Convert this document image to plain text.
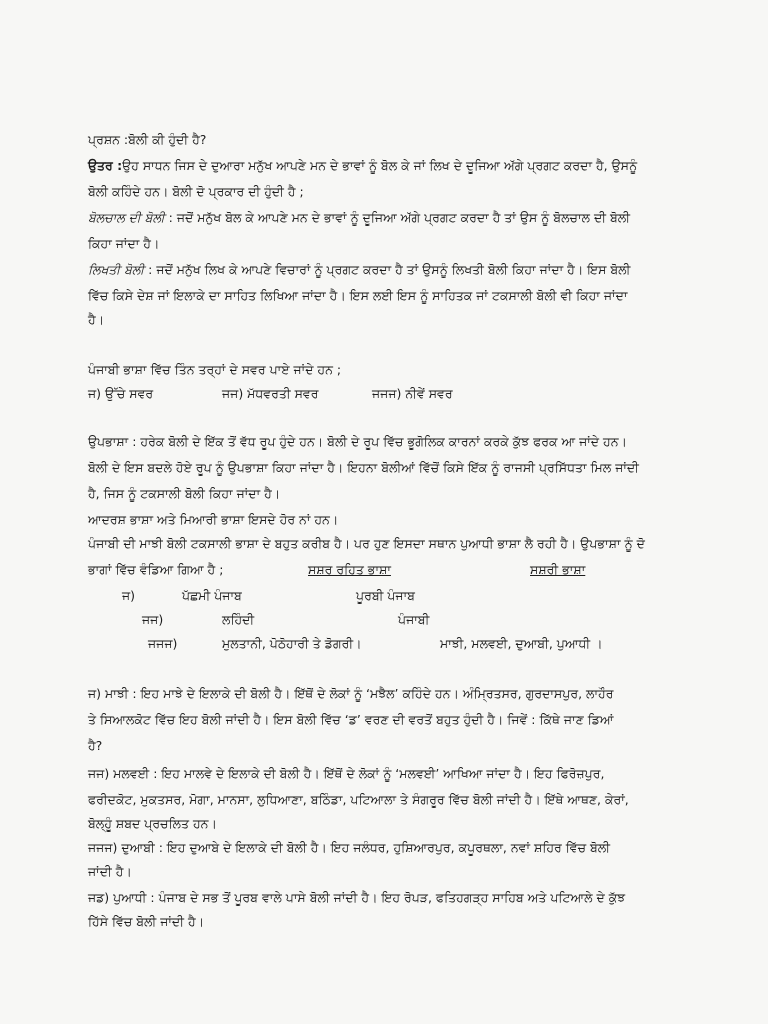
ਪ੍ਰਸ਼ਨ :ਬੋਲੀ ਕੀ ਹੁੰਦੀ ਹੈ?
ਉਤਰ :ਉਹ ਸਾਧਨ ਜਿਸ ਦੇ ਦੁਆਰਾ ਮਨੁੱਖ ਆਪਣੇ ਮਨ ਦੇ ਭਾਵਾਂ ਨੂੰ ਬੋਲ ਕੇ ਜਾਂ ਲਿਖ ਦੇ ਦੂਜਿਆ ਅੱਗੇ ਪ੍ਰਗਟ ਕਰਦਾ ਹੈ, ਉਸਨੂੰ
ਬੋਲੀ ਕਹਿੰਦੇ ਹਨ। ਬੋਲੀ ਦੋ ਪ੍ਰਕਾਰ ਦੀ ਹੁੰਦੀ ਹੈ ;
ਬੋਲਚਾਲ ਦੀ ਬੋਲੀ : ਜਦੋਂ ਮਨੁੱਖ ਬੋਲ ਕੇ ਆਪਣੇ ਮਨ ਦੇ ਭਾਵਾਂ ਨੂੰ ਦੂਜਿਆ ਅੱਗੇ ਪ੍ਰਗਟ ਕਰਦਾ ਹੈ ਤਾਂ ਉਸ ਨੂੰ ਬੋਲਚਾਲ ਦੀ ਬੋਲੀ
ਕਿਹਾ ਜਾਂਦਾ ਹੈ।
ਲਿਖਤੀ ਬੋਲੀ : ਜਦੋਂ ਮਨੁੱਖ ਲਿਖ ਕੇ ਆਪਣੇ ਵਿਚਾਰਾਂ ਨੂੰ ਪ੍ਰਗਟ ਕਰਦਾ ਹੈ ਤਾਂ ਉਸਨੂੰ ਲਿਖਤੀ ਬੋਲੀ ਕਿਹਾ ਜਾਂਦਾ ਹੈ। ਇਸ ਬੋਲੀ
ਵਿੱਚ ਕਿਸੇ ਦੇਸ਼ ਜਾਂ ਇਲਾਕੇ ਦਾ ਸਾਹਿਤ ਲਿਖਿਆ ਜਾਂਦਾ ਹੈ। ਇਸ ਲਈ ਇਸ ਨੂੰ ਸਾਹਿਤਕ ਜਾਂ ਟਕਸਾਲੀ ਬੋਲੀ ਵੀ ਕਿਹਾ ਜਾਂਦਾ
ਹੈ।
ਪੰਜਾਬੀ ਭਾਸ਼ਾ ਵਿੱਚ ਤਿੰਨ ਤਰ੍ਹਾਂ ਦੇ ਸਵਰ ਪਾਏ ਜਾਂਦੇ ਹਨ ;
ਜ) ਉੱਚੇ ਸਵਰ	ਜਜ) ਮੱਧਵਰਤੀ ਸਵਰ	ਜਜਜ) ਨੀਵੇਂ ਸਵਰ
ਉਪਭਾਸ਼ਾ : ਹਰੇਕ ਬੋਲੀ ਦੇ ਇੱਕ ਤੋਂ ਵੱਧ ਰੂਪ ਹੁੰਦੇ ਹਨ। ਬੋਲੀ ਦੇ ਰੂਪ ਵਿੱਚ ਭੂਗੋਲਿਕ ਕਾਰਨਾਂ ਕਰਕੇ ਕੁੱਝ ਫਰਕ ਆ ਜਾਂਦੇ ਹਨ।
ਬੋਲੀ ਦੇ ਇਸ ਬਦਲੇ ਹੋਏ ਰੂਪ ਨੂੰ ਉਪਭਾਸ਼ਾ ਕਿਹਾ ਜਾਂਦਾ ਹੈ। ਇਹਨਾ ਬੋਲੀਆਂ ਵਿੱਚੋਂ ਕਿਸੇ ਇੱਕ ਨੂੰ ਰਾਜਸੀ ਪ੍ਰਸਿੱਧਤਾ ਮਿਲ ਜਾਂਦੀ
ਹੈ, ਜਿਸ ਨੂੰ ਟਕਸਾਲੀ ਬੋਲੀ ਕਿਹਾ ਜਾਂਦਾ ਹੈ।
ਆਦਰਸ਼ ਭਾਸ਼ਾ ਅਤੇ ਮਿਆਰੀ ਭਾਸ਼ਾ ਇਸਦੇ ਹੋਰ ਨਾਂ ਹਨ।
ਪੰਜਾਬੀ ਦੀ ਮਾਝੀ ਬੋਲੀ ਟਕਸਾਲੀ ਭਾਸ਼ਾ ਦੇ ਬਹੁਤ ਕਰੀਬ ਹੈ। ਪਰ ਹੁਣ ਇਸਦਾ ਸਥਾਨ ਪੁਆਧੀ ਭਾਸ਼ਾ ਲੈ ਰਹੀ ਹੈ। ਉਪਭਾਸ਼ਾ ਨੂੰ ਦੋ
ਭਾਗਾਂ ਵਿੱਚ ਵੰਡਿਆ ਗਿਆ ਹੈ ;	ਸਸ਼ਰ ਰਹਿਤ ਭਾਸ਼ਾ	ਸਸ਼ਰੀ ਭਾਸ਼ਾ
ਜ)	ਪੱਛਮੀ ਪੰਜਾਬ	ਪੂਰਬੀ ਪੰਜਾਬ
ਜਜ)	ਲਹਿੰਦੀ	ਪੰਜਾਬੀ
ਜਜਜ)	ਮੁਲਤਾਨੀ, ਪੋਠੋਹਾਰੀ ਤੇ ਡੋਗਰੀ।	ਮਾਝੀ, ਮਲਵਈ, ਦੁਆਬੀ, ਪੁਆਧੀ ।
ਜ) ਮਾਝੀ : ਇਹ ਮਾਝੇ ਦੇ ਇਲਾਕੇ ਦੀ ਬੋਲੀ ਹੈ। ਇੱਥੋਂ ਦੇ ਲੋਕਾਂ ਨੂੰ ‘ਮਝੈਲ’ ਕਹਿੰਦੇ ਹਨ। ਅੰਮ੍ਰਿਤਸਰ, ਗੁਰਦਾਸਪੁਰ, ਲਾਹੌਰ
ਤੇ ਸਿਆਲਕੋਟ ਵਿੱਚ ਇਹ ਬੋਲੀ ਜਾਂਦੀ ਹੈ। ਇਸ ਬੋਲੀ ਵਿੱਚ ‘ਡ’ ਵਰਣ ਦੀ ਵਰਤੋਂ ਬਹੁਤ ਹੁੰਦੀ ਹੈ। ਜਿਵੇਂ : ਕਿੱਥੇ ਜਾਣ ਡਿਆਂ
ਹੈ?
ਜਜ) ਮਲਵਈ : ਇਹ ਮਾਲਵੇ ਦੇ ਇਲਾਕੇ ਦੀ ਬੋਲੀ ਹੈ। ਇੱਥੋਂ ਦੇ ਲੋਕਾਂ ਨੂੰ ‘ਮਲਵਈ’ ਆਖਿਆ ਜਾਂਦਾ ਹੈ। ਇਹ ਫਿਰੋਜ਼ਪੁਰ,
ਫਰੀਦਕੋਟ, ਮੁਕਤਸਰ, ਮੋਗਾ, ਮਾਨਸਾ, ਲੁਧਿਆਣਾ, ਬਠਿੰਡਾ, ਪਟਿਆਲਾ ਤੇ ਸੰਗਰੂਰ ਵਿੱਚ ਬੋਲੀ ਜਾਂਦੀ ਹੈ। ਇੱਥੇ ਆਥਣ, ਕੇਰਾਂ,
ਬੋਲ੍ਹੂੰ ਸ਼ਬਦ ਪ੍ਰਚਲਿਤ ਹਨ।
ਜਜਜ) ਦੁਆਬੀ : ਇਹ ਦੁਆਬੇ ਦੇ ਇਲਾਕੇ ਦੀ ਬੋਲੀ ਹੈ। ਇਹ ਜਲੰਧਰ, ਹੁਸ਼ਿਆਰਪੁਰ, ਕਪੂਰਥਲਾ, ਨਵਾਂ ਸ਼ਹਿਰ ਵਿੱਚ ਬੋਲੀ
ਜਾਂਦੀ ਹੈ।
ਜਡ) ਪੁਆਧੀ : ਪੰਜਾਬ ਦੇ ਸਭ ਤੋਂ ਪੂਰਬ ਵਾਲੇ ਪਾਸੇ ਬੋਲੀ ਜਾਂਦੀ ਹੈ। ਇਹ ਰੋਪੜ, ਫਤਿਹਗੜ੍ਹ ਸਾਹਿਬ ਅਤੇ ਪਟਿਆਲੇ ਦੇ ਕੁੱਝ
ਹਿੱਸੇ ਵਿੱਚ ਬੋਲੀ ਜਾਂਦੀ ਹੈ।
